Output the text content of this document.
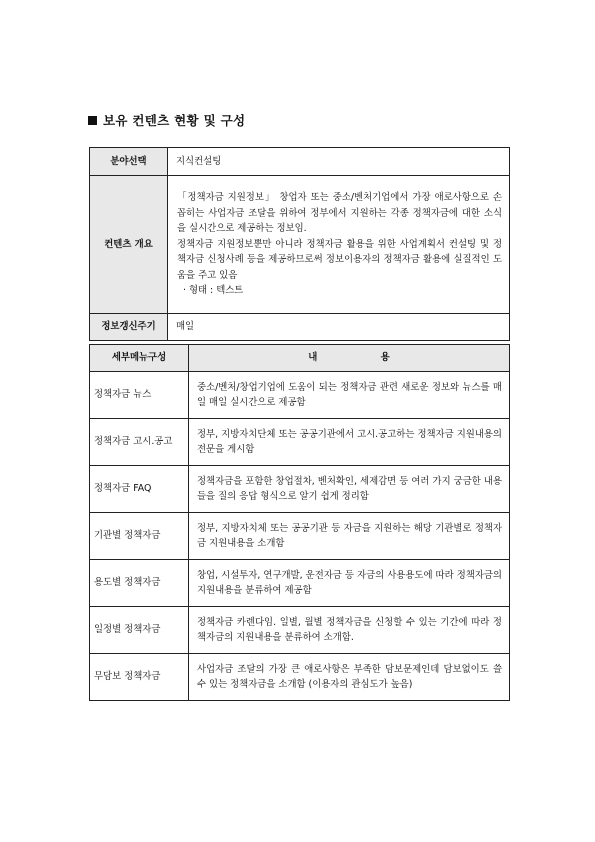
보유 컨텐츠 현황 및 구성
분야선택	지식컨설팅
컨텐츠 개요	「정책자금 지원정보」 창업자 또는 중소/벤처기업에서 가장 애로사항으로 손 꼽히는 사업자금 조달을 위하여 정부에서 지원하는 각종 정책자금에 대한 소식을 실시간으로 제공하는 정보임.

정책자금 지원정보뿐만 아니라 정책자금 활용을 위한 사업계획서 컨설팅 및 정책자금 신청사례 등을 제공하므로써 정보이용자의 정책자금 활용에 실질적인 도움을 주고 있음

· 형태 : 텍스트

정보갱신주기	매일
세부메뉴구성	내 용
정책자금 뉴스	중소/벤처/창업기업에 도움이 되는 정책자금 관련 새로운 정보와 뉴스를 매일 매일 실시간으로 제공함
정책자금 고시.공고	정부, 지방자치단체 또는 공공기관에서 고시.공고하는 정책자금 지원내용의 전문을 게시함
정책자금 FAQ	정책자금을 포함한 창업절차, 벤처확인, 세제감면 등 여러 가지 궁금한 내용들을 질의 응답 형식으로 알기 쉽게 정리함
기관별 정책자금	정부, 지방자치체 또는 공공기관 등 자금을 지원하는 해당 기관별로 정책자금 지원내용을 소개함
용도별 정책자금	창업, 시설투자, 연구개발, 운전자금 등 자금의 사용용도에 따라 정책자금의 지원내용을 분류하여 제공함
일정별 정책자금	정책자금 카렌다임. 일별, 월별 정책자금을 신청할 수 있는 기간에 따라 정책자금의 지원내용을 분류하여 소개함.
무담보 정책자금	사업자금 조달의 가장 큰 애로사항은 부족한 담보문제인데 담보없이도 쓸 수 있는 정책자금을 소개함 (이용자의 관심도가 높음)
